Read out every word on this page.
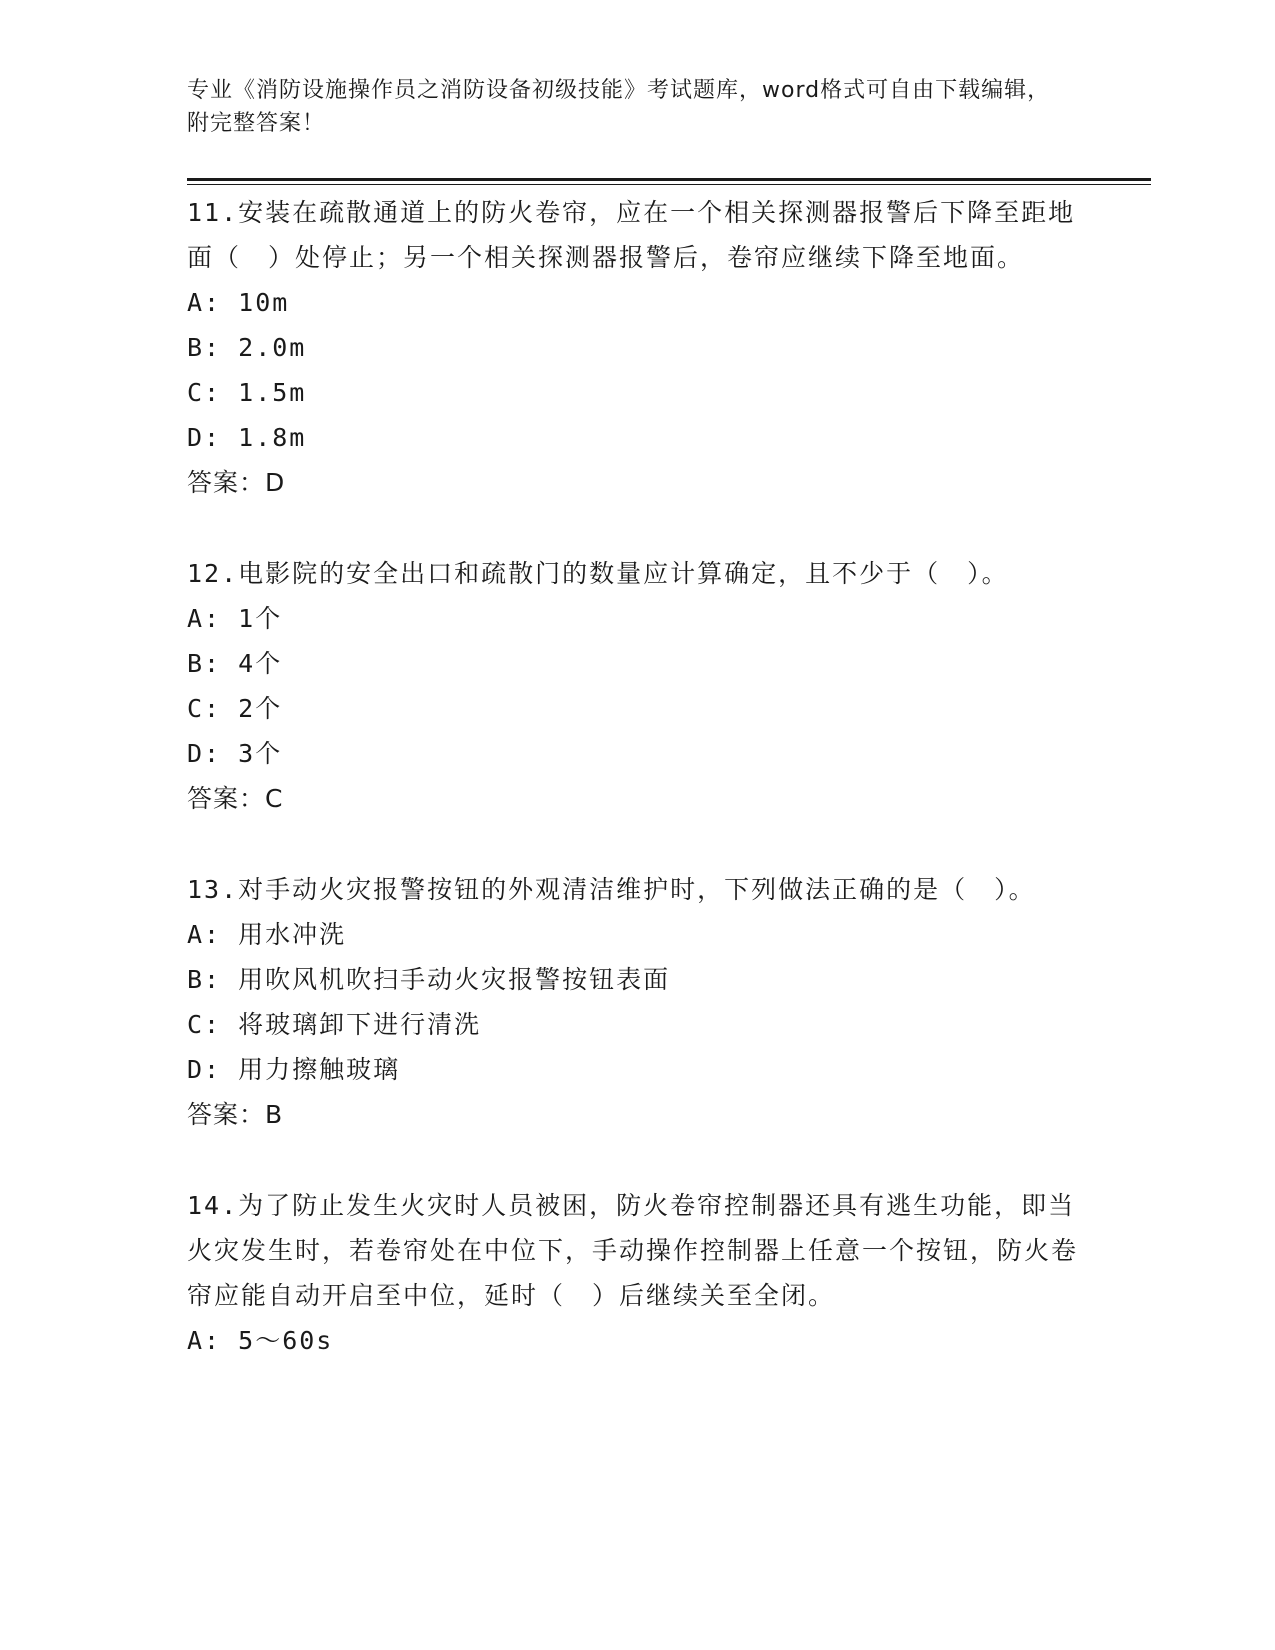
专业《消防设施操作员之消防设备初级技能》考试题库，word格式可自由下载编辑，附完整答案！

11.安装在疏散通道上的防火卷帘，应在一个相关探测器报警后下降至距地面（　）处停止；另一个相关探测器报警后，卷帘应继续下降至地面。

A: 10m

B: 2.0m

C: 1.5m

D: 1.8m

答案：D

12.电影院的安全出口和疏散门的数量应计算确定，且不少于（　）。

A: 1个

B: 4个

C: 2个

D: 3个

答案：C

13.对手动火灾报警按钮的外观清洁维护时，下列做法正确的是（　）。

A: 用水冲洗

B: 用吹风机吹扫手动火灾报警按钮表面

C: 将玻璃卸下进行清洗

D: 用力擦触玻璃

答案：B

14.为了防止发生火灾时人员被困，防火卷帘控制器还具有逃生功能，即当火灾发生时，若卷帘处在中位下，手动操作控制器上任意一个按钮，防火卷帘应能自动开启至中位，延时（　）后继续关至全闭。

A: 5～60s
